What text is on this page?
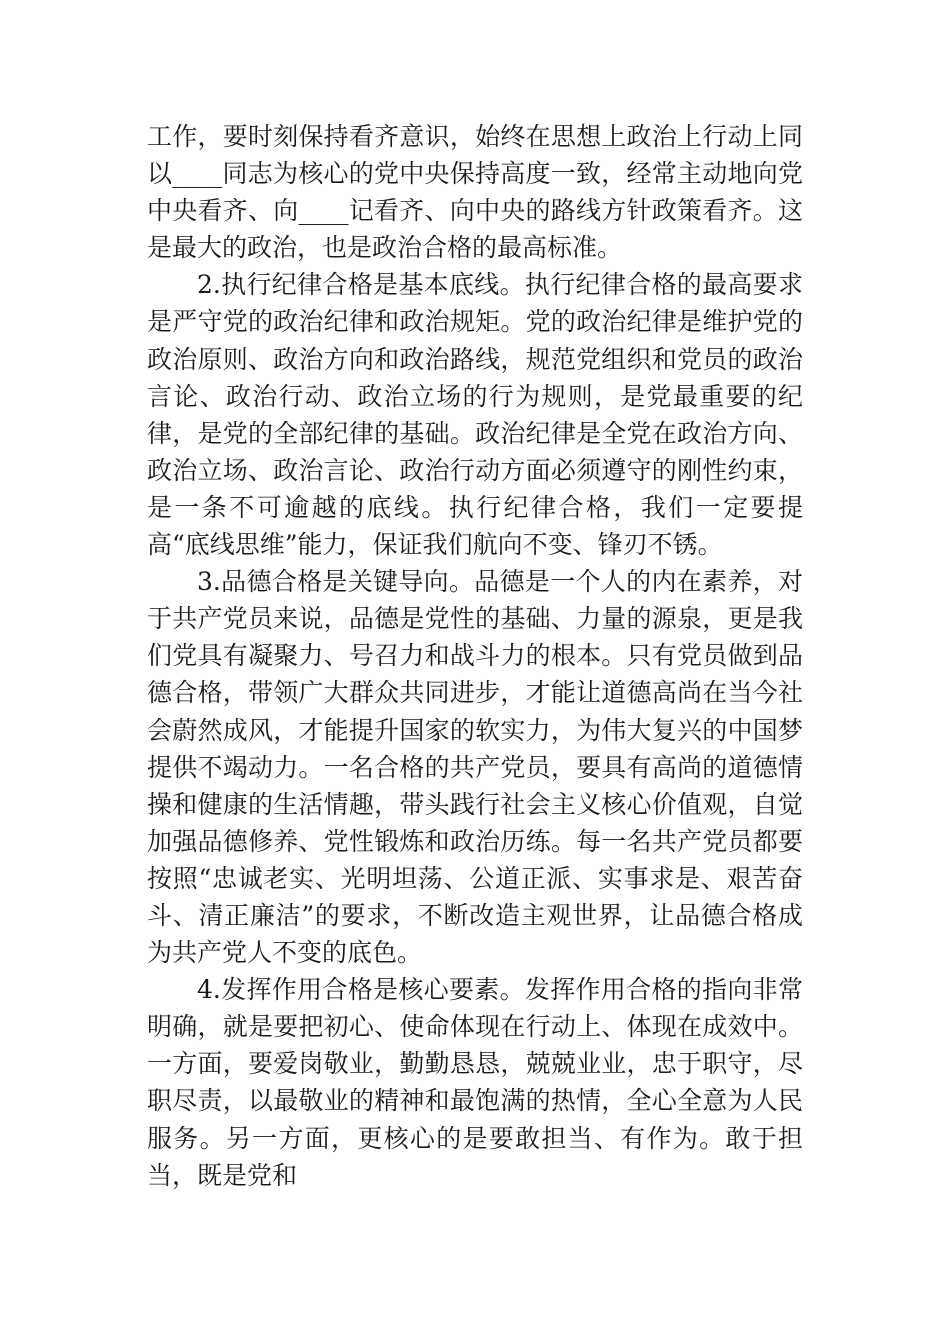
工作，要时刻保持看齐意识，始终在思想上政治上行动上同以____同志为核心的党中央保持高度一致，经常主动地向党中央看齐、向____记看齐、向中央的路线方针政策看齐。这是最大的政治，也是政治合格的最高标准。

2.执行纪律合格是基本底线。执行纪律合格的最高要求是严守党的政治纪律和政治规矩。党的政治纪律是维护党的政治原则、政治方向和政治路线，规范党组织和党员的政治言论、政治行动、政治立场的行为规则，是党最重要的纪律，是党的全部纪律的基础。政治纪律是全党在政治方向、政治立场、政治言论、政治行动方面必须遵守的刚性约束，是一条不可逾越的底线。执行纪律合格，我们一定要提高“底线思维”能力，保证我们航向不变、锋刃不锈。

3.品德合格是关键导向。品德是一个人的内在素养，对于共产党员来说，品德是党性的基础、力量的源泉，更是我们党具有凝聚力、号召力和战斗力的根本。只有党员做到品德合格，带领广大群众共同进步，才能让道德高尚在当今社会蔚然成风，才能提升国家的软实力，为伟大复兴的中国梦提供不竭动力。一名合格的共产党员，要具有高尚的道德情操和健康的生活情趣，带头践行社会主义核心价值观，自觉加强品德修养、党性锻炼和政治历练。每一名共产党员都要按照“忠诚老实、光明坦荡、公道正派、实事求是、艰苦奋斗、清正廉洁”的要求，不断改造主观世界，让品德合格成为共产党人不变的底色。

4.发挥作用合格是核心要素。发挥作用合格的指向非常明确，就是要把初心、使命体现在行动上、体现在成效中。一方面，要爱岗敬业，勤勤恳恳，兢兢业业，忠于职守，尽职尽责，以最敬业的精神和最饱满的热情，全心全意为人民服务。另一方面，更核心的是要敢担当、有作为。敢于担当，既是党和
